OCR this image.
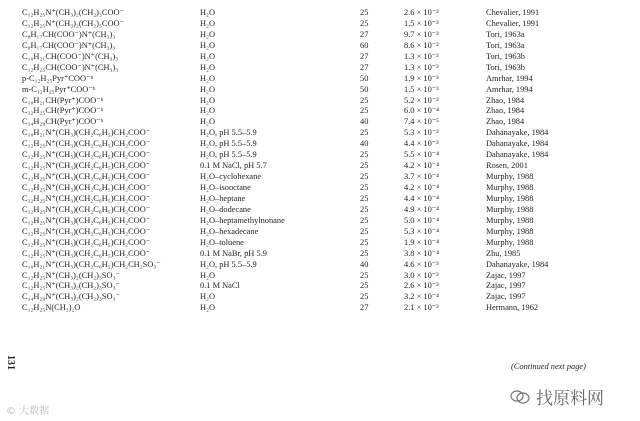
C₁₂H₂₅N⁺(CH₃)₂(CH₂)₃COO⁻	H₂O	25	2.6 × 10⁻³	Chevalier, 1991
C₁₂H₂₅N⁺(CH₃)₂(CH₂)₅COO⁻	H₂O	25	1.5 × 10⁻³	Chevalier, 1991
C₈H₁₇CH(COO⁻)N⁺(CH₃)₃	H₂O	27	9.7 × 10⁻²	Tori, 1963a
C₈H₁₇CH(COO⁻)N⁺(CH₃)₃	H₂O	60	8.6 × 10⁻²	Tori, 1963a
C₁₀H₂₁CH(COO⁻)N⁺(CH₃)₃	H₂O	27	1.3 × 10⁻²	Tori, 1963b
C₁₂H₂₅CH(COO⁻)N⁺(CH₃)₃	H₂O	27	1.3 × 10⁻³	Tori, 1963b
p-C₁₂H₂₅Pyr⁺COO⁻ᵇ	H₂O	50	1.9 × 10⁻³	Amrhar, 1994
m-C₁₂H₂₅Pyr⁺COO⁻ᵇ	H₂O	50	1.5 × 10⁻³	Amrhar, 1994
C₁₀H₂₁CH(Pyr⁺)COO⁻ᵇ	H₂O	25	5.2 × 10⁻³	Zhao, 1984
C₁₂H₂₅CH(Pyr⁺)COO⁻ᵇ	H₂O	25	6.0 × 10⁻⁴	Zhao, 1984
C₁₄H₂₉CH(Pyr⁺)COO⁻ᵇ	H₂O	40	7.4 × 10⁻⁵	Zhao, 1984
C₁₀H₂₁N⁺(CH₃)(CH₂C₆H₅)CH₂COO⁻	H₂O, pH 5.5–5.9	25	5.3 × 10⁻³	Dahanayake, 1984
C₁₂H₂₅N⁺(CH₃)(CH₂C₆H₅)CH₂COO⁻	H₂O, pH 5.5–5.9	40	4.4 × 10⁻³	Dahanayake, 1984
C₁₂H₂₅N⁺(CH₃)(CH₂C₆H₅)CH₂COO⁻	H₂O, pH 5.5–5.9	25	5.5 × 10⁻⁴	Dahanayake, 1984
C₁₂H₂₅N⁺(CH₃)(CH₂C₆H₅)CH₂COO⁻	0.1 M NaCl, pH 5.7	25	4.2 × 10⁻⁴	Rosen, 2001
C₁₂H₂₅N⁺(CH₃)(CH₂C₆H₅)CH₂COO⁻	H₂O–cyclohexane	25	3.7 × 10⁻⁴	Murphy, 1988
C₁₂H₂₅N⁺(CH₃)(CH₂C₆H₅)CH₂COO⁻	H₂O–isooctane	25	4.2 × 10⁻⁴	Murphy, 1988
C₁₂H₂₅N⁺(CH₃)(CH₂C₆H₅)CH₂COO⁻	H₂O–heptane	25	4.4 × 10⁻⁴	Murphy, 1988
C₁₂H₂₅N⁺(CH₃)(CH₂C₆H₅)CH₂COO⁻	H₂O–dodecane	25	4.9 × 10⁻⁴	Murphy, 1988
C₁₂H₂₅N⁺(CH₃)(CH₂C₆H₅)CH₂COO⁻	H₂O–heptamethylnonane	25	5.0 × 10⁻⁴	Murphy, 1988
C₁₂H₂₅N⁺(CH₃)(CH₂C₆H₅)CH₂COO⁻	H₂O–hexadecane	25	5.3 × 10⁻⁴	Murphy, 1988
C₁₂H₂₅N⁺(CH₃)(CH₂C₆H₅)CH₂COO⁻	H₂O–toluene	25	1.9 × 10⁻⁴	Murphy, 1988
C₁₂H₂₅N⁺(CH₃)(CH₂C₆H₅)CH₂COO⁻	0.1 M NaBr, pH 5.9	25	3.8 × 10⁻⁴	Zhu, 1985
C₁₀H₂₁N⁺(CH₃)(CH₂C₆H₅)CH₂CH₂SO₃⁻	H₂O, pH 5.5–5.9	40	4.6 × 10⁻³	Dahanayake, 1984
C₁₂H₂₅N⁺(CH₃)₂(CH₂)₃SO₃⁻	H₂O	25	3.0 × 10⁻³	Zajac, 1997
C₁₂H₂₅N⁺(CH₃)₂(CH₂)₃SO₃⁻	0.1 M NaCl	25	2.6 × 10⁻³	Zajac, 1997
C₁₄H₂₉N⁺(CH₃)₂(CH₂)₃SO₃⁻	H₂O	25	3.2 × 10⁻⁴	Zajac, 1997
C₁₂H₂₅N(CH₃)₂O	H₂O	27	2.1 × 10⁻³	Hermann, 1962
131	(Continued next page)
© 大数据
找原料网
